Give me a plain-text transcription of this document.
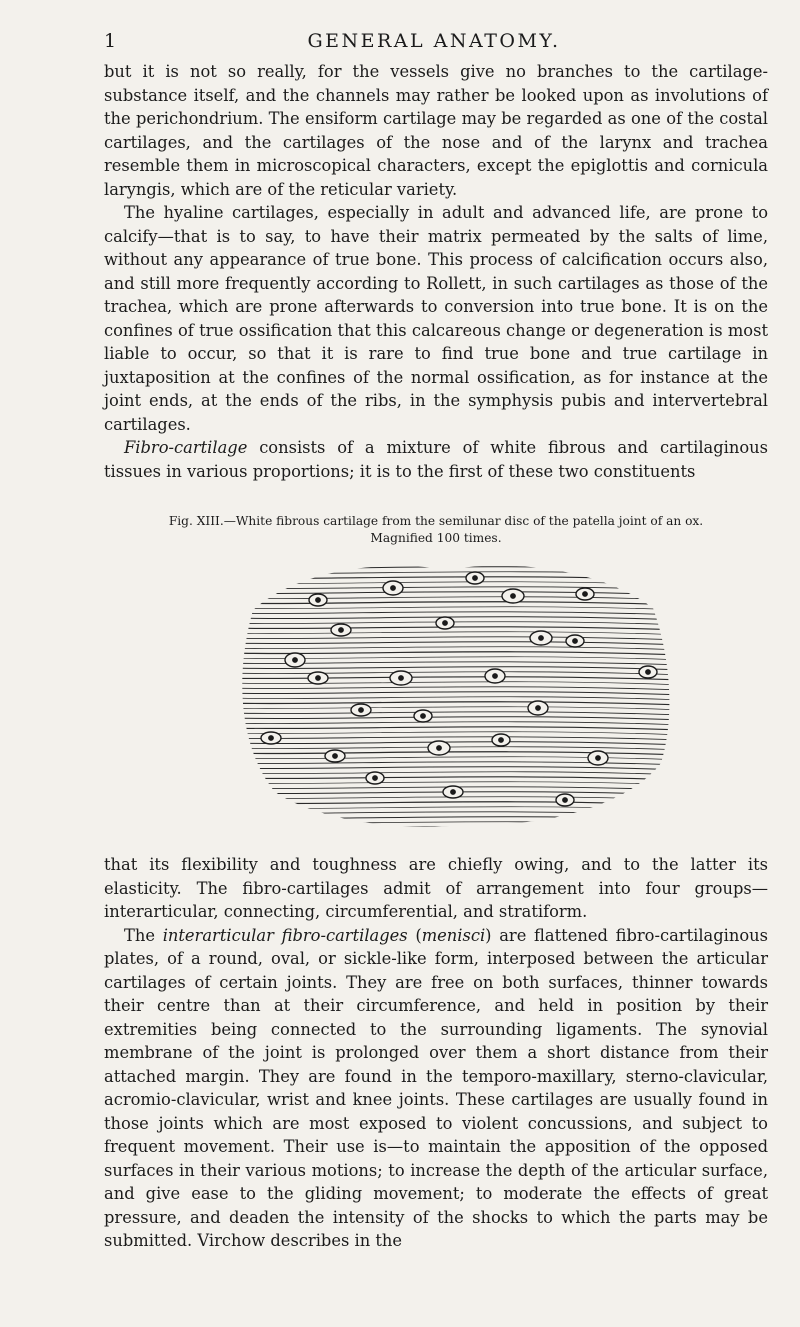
1	GENERAL ANATOMY.

but it is not so really, for the vessels give no branches to the cartilage-substance itself, and the channels may rather be looked upon as involutions of the perichondrium. The ensiform cartilage may be regarded as one of the costal cartilages, and the cartilages of the nose and of the larynx and trachea resemble them in microscopical characters, except the epiglottis and cornicula laryngis, which are of the reticular variety.

The hyaline cartilages, especially in adult and advanced life, are prone to calcify—that is to say, to have their matrix permeated by the salts of lime, without any appearance of true bone. This process of calcification occurs also, and still more frequently according to Rollett, in such cartilages as those of the trachea, which are prone afterwards to conversion into true bone. It is on the confines of true ossification that this calcareous change or degeneration is most liable to occur, so that it is rare to find true bone and true cartilage in juxtaposition at the confines of the normal ossification, as for instance at the joint ends, at the ends of the ribs, in the symphysis pubis and intervertebral cartilages.

Fibro-cartilage consists of a mixture of white fibrous and cartilaginous tissues in various proportions; it is to the first of these two constituents

Fig. XIII.—White fibrous cartilage from the semilunar disc of the patella joint of an ox.
Magnified 100 times.

that its flexibility and toughness are chiefly owing, and to the latter its elasticity. The fibro-cartilages admit of arrangement into four groups—interarticular, connecting, circumferential, and stratiform.

The interarticular fibro-cartilages (menisci) are flattened fibro-cartilaginous plates, of a round, oval, or sickle-like form, interposed between the articular cartilages of certain joints. They are free on both surfaces, thinner towards their centre than at their circumference, and held in position by their extremities being connected to the surrounding ligaments. The synovial membrane of the joint is prolonged over them a short distance from their attached margin. They are found in the temporo-maxillary, sterno-clavicular, acromio-clavicular, wrist and knee joints. These cartilages are usually found in those joints which are most exposed to violent concussions, and subject to frequent movement. Their use is—to maintain the apposition of the opposed surfaces in their various motions; to increase the depth of the articular surface, and give ease to the gliding movement; to moderate the effects of great pressure, and deaden the intensity of the shocks to which the parts may be submitted. Virchow describes in the
